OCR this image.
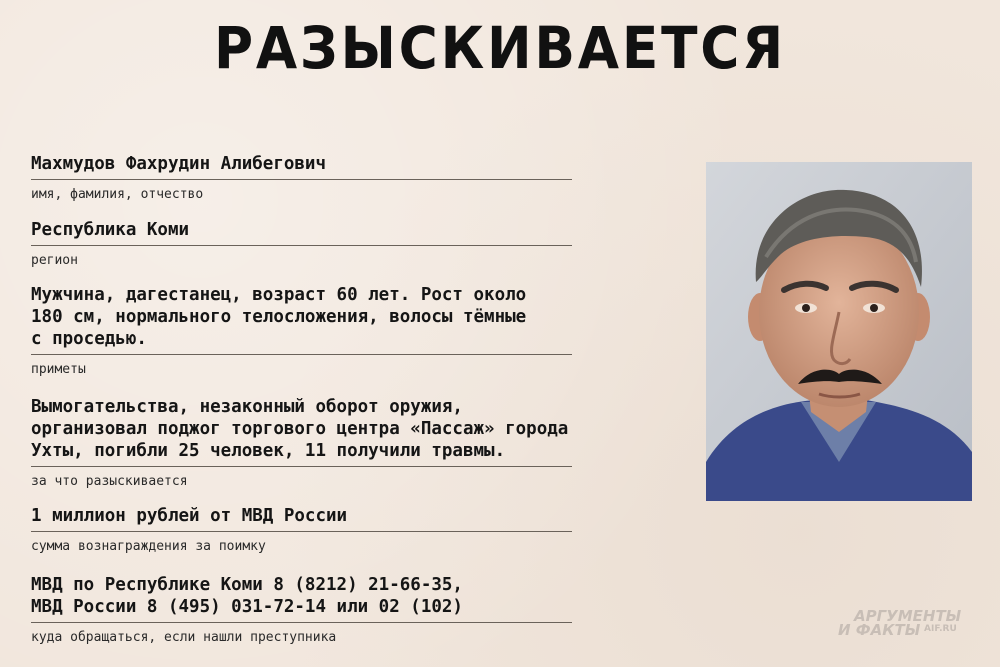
РАЗЫСКИВАЕТСЯ
Махмудов Фахрудин Алибегович
имя, фамилия, отчество
Республика Коми
регион
Мужчина, дагестанец, возраст 60 лет. Рост около
180 см, нормального телосложения, волосы тёмные
с проседью.
приметы
Вымогательства, незаконный оборот оружия,
организовал поджог торгового центра «Пассаж» города
Ухты, погибли 25 человек, 11 получили травмы.
за что разыскивается
1 миллион рублей от МВД России
сумма вознаграждения за поимку
МВД по Республике Коми 8 (8212) 21-66-35,
МВД России 8 (495) 031-72-14 или 02 (102)
куда обращаться, если нашли преступника
АРГУМЕНТЫ
И ФАКТЫ AIF.RU
